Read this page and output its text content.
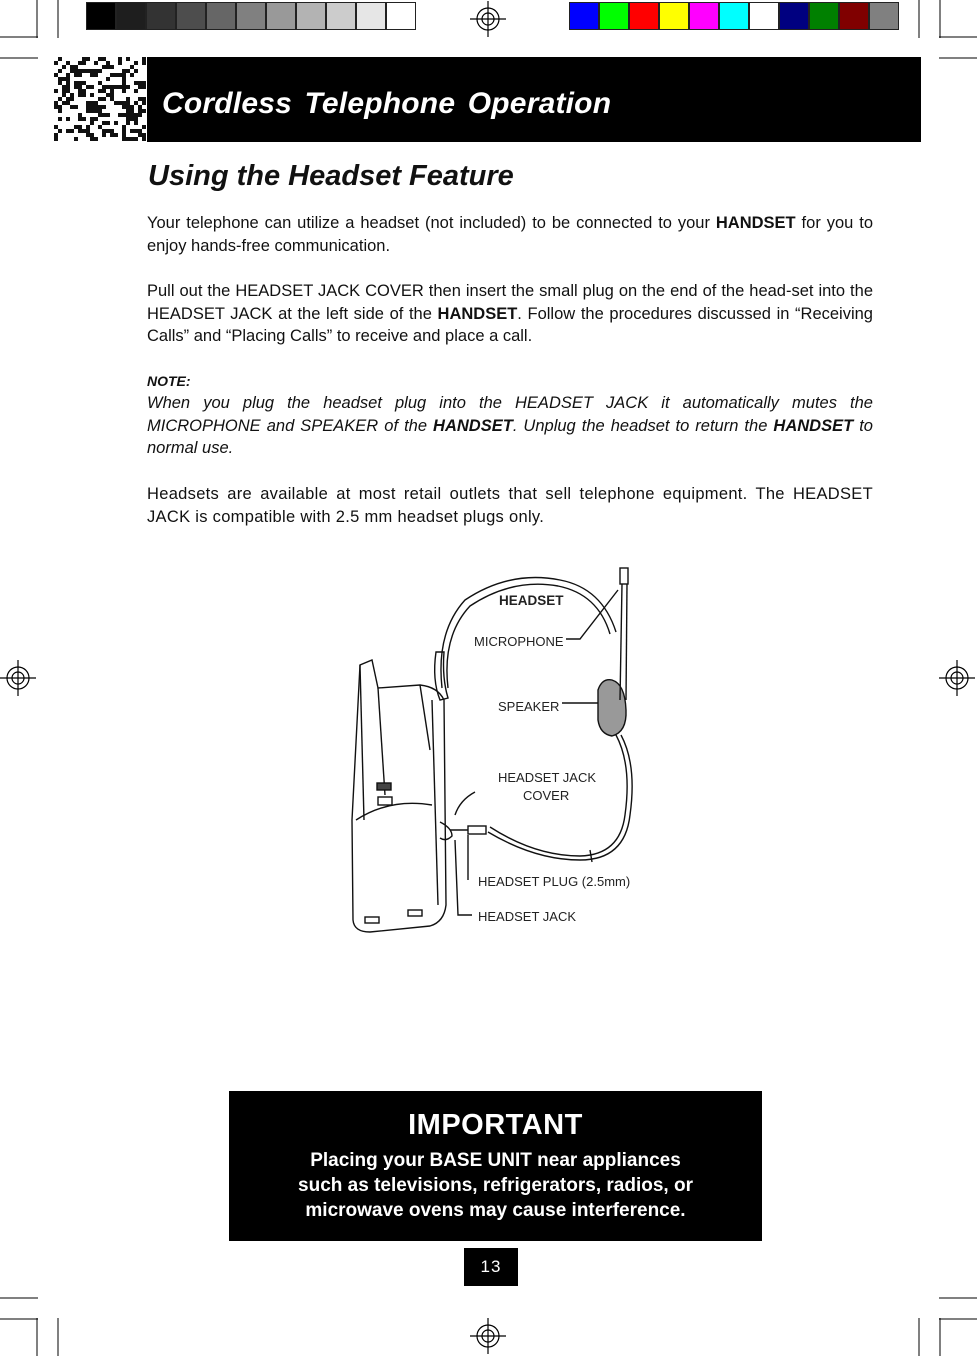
Cordless Telephone Operation
Using the Headset Feature
Your telephone can utilize a headset (not included) to be connected to your HANDSET for you to enjoy hands-free communication.
Pull out the HEADSET JACK COVER then insert the small plug on the end of the head-set into the HEADSET JACK at the left side of the HANDSET. Follow the procedures discussed in “Receiving Calls” and “Placing Calls” to receive and place a call.
NOTE:
When you plug the headset plug into the HEADSET JACK it automatically mutes the MICROPHONE and SPEAKER of the HANDSET. Unplug the headset to return the HANDSET to normal use.
Headsets are available at most retail outlets that sell telephone equipment. The HEADSET JACK is compatible with 2.5 mm headset plugs only.
HEADSET
MICROPHONE
SPEAKER
HEADSET JACK
COVER
HEADSET PLUG (2.5mm)
HEADSET JACK
IMPORTANT
Placing your BASE UNIT near appliances
such as televisions, refrigerators, radios, or
microwave ovens may cause interference.
13
